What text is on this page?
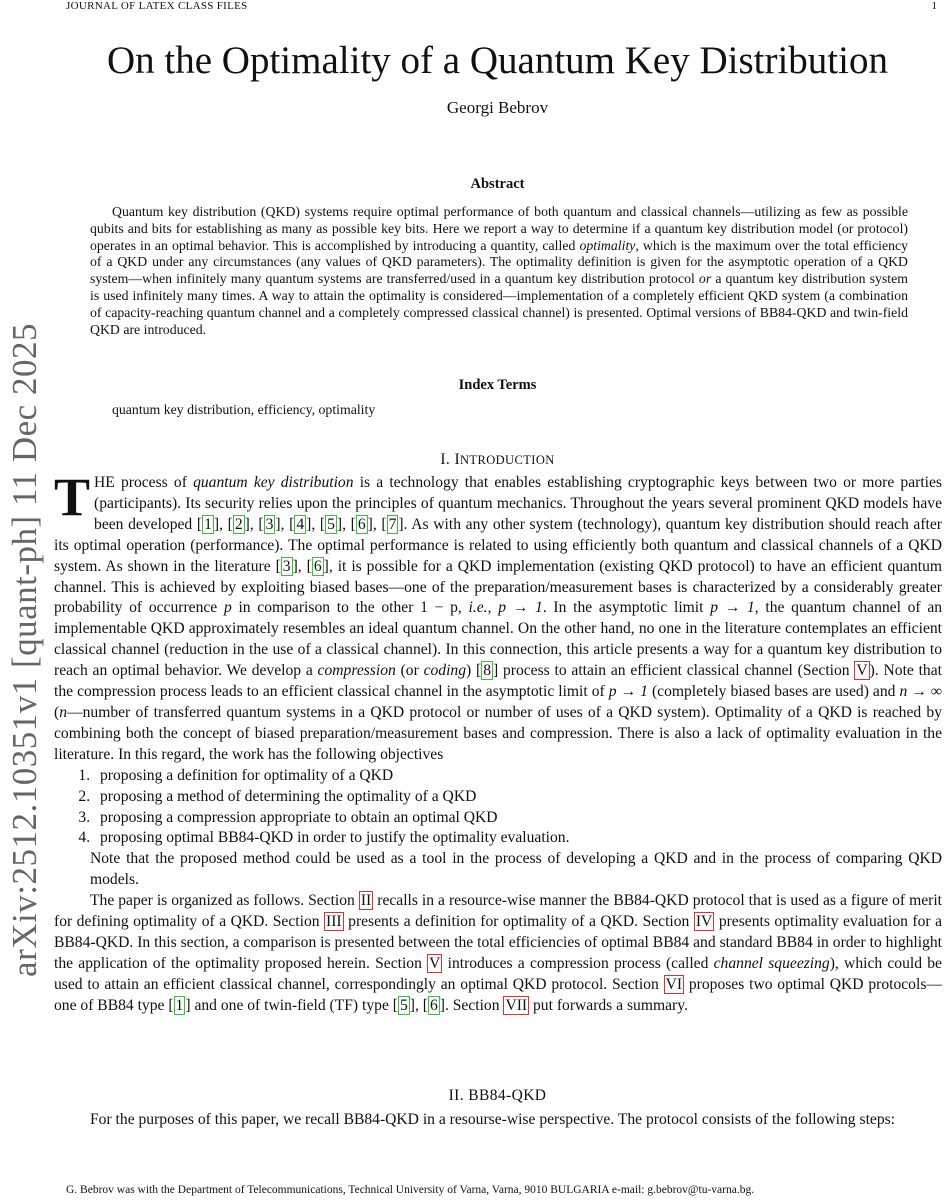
JOURNAL OF LATEX CLASS FILES	1
On the Optimality of a Quantum Key Distribution
Georgi Bebrov
arXiv:2512.10351v1 [quant-ph] 11 Dec 2025
Abstract

Quantum key distribution (QKD) systems require optimal performance of both quantum and classical channels—utilizing as few as possible qubits and bits for establishing as many as possible key bits. Here we report a way to determine if a quantum key distribution model (or protocol) operates in an optimal behavior. This is accomplished by introducing a quantity, called optimality, which is the maximum over the total efficiency of a QKD under any circumstances (any values of QKD parameters). The optimality definition is given for the asymptotic operation of a QKD system—when infinitely many quantum systems are transferred/used in a quantum key distribution protocol or a quantum key distribution system is used infinitely many times. A way to attain the optimality is considered—implementation of a completely efficient QKD system (a combination of capacity-reaching quantum channel and a completely compressed classical channel) is presented. Optimal versions of BB84-QKD and twin-field QKD are introduced.

Index Terms
quantum key distribution, efficiency, optimality
I. INTRODUCTION

T HE process of quantum key distribution is a technology that enables establishing cryptographic keys between two or more parties (participants). Its security relies upon the principles of quantum mechanics. Throughout the years several prominent QKD models have been developed [ 1 ], [ 2 ], [ 3 ], [ 4 ], [ 5 ], [ 6 ], [ 7 ]. As with any other system (technology), quantum key distribution should reach after its optimal operation (performance). The optimal performance is related to using efficiently both quantum and classical channels of a QKD system. As shown in the literature [ 3 ], [ 6 ], it is possible for a QKD implementation (existing QKD protocol) to have an efficient quantum channel. This is achieved by exploiting biased bases—one of the preparation/measurement bases is characterized by a considerably greater probability of occurrence p in comparison to the other 1 − p, i.e., p → 1. In the asymptotic limit p → 1, the quantum channel of an implementable QKD approximately resembles an ideal quantum channel. On the other hand, no one in the literature contemplates an efficient classical channel (reduction in the use of a classical channel). In this connection, this article presents a way for a quantum key distribution to reach an optimal behavior. We develop a compression (or coding) [ 8 ] process to attain an efficient classical channel (Section V ). Note that the compression process leads to an efficient classical channel in the asymptotic limit of p → 1 (completely biased bases are used) and n → ∞ (n—number of transferred quantum systems in a QKD protocol or number of uses of a QKD system). Optimality of a QKD is reached by combining both the concept of biased preparation/measurement bases and compression. There is also a lack of optimality evaluation in the literature. In this regard, the work has the following objectives

1. proposing a definition for optimality of a QKD
2. proposing a method of determining the optimality of a QKD
3. proposing a compression appropriate to obtain an optimal QKD
4. proposing optimal BB84-QKD in order to justify the optimality evaluation.

Note that the proposed method could be used as a tool in the process of developing a QKD and in the process of comparing QKD models.

The paper is organized as follows. Section II recalls in a resource-wise manner the BB84-QKD protocol that is used as a figure of merit for defining optimality of a QKD. Section III presents a definition for optimality of a QKD. Section IV presents optimality evaluation for a BB84-QKD. In this section, a comparison is presented between the total efficiencies of optimal BB84 and standard BB84 in order to highlight the application of the optimality proposed herein. Section V introduces a compression process (called channel squeezing), which could be used to attain an efficient classical channel, correspondingly an optimal QKD protocol. Section VI proposes two optimal QKD protocols—one of BB84 type [ 1 ] and one of twin-field (TF) type [ 5 ], [ 6 ]. Section VII put forwards a summary.

II. BB84-QKD

For the purposes of this paper, we recall BB84-QKD in a resourse-wise perspective. The protocol consists of the following steps:

G. Bebrov was with the Department of Telecommunications, Technical University of Varna, Varna, 9010 BULGARIA e-mail: g.bebrov@tu-varna.bg.
